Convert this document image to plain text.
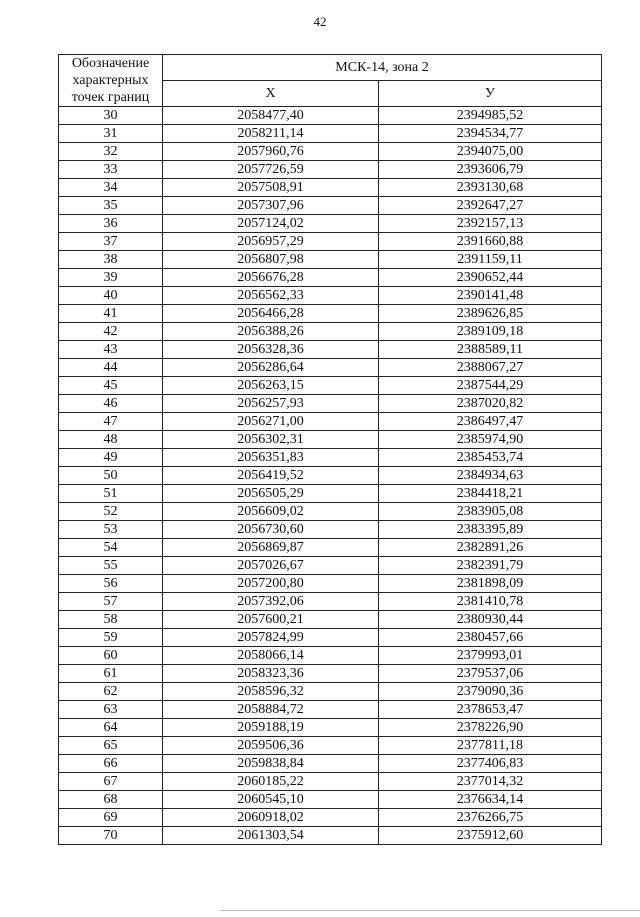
42
Обозначение характерных точек границ	МСК-14, зона 2	
	Х	У
30	2058477,40	2394985,52
31	2058211,14	2394534,77
32	2057960,76	2394075,00
33	2057726,59	2393606,79
34	2057508,91	2393130,68
35	2057307,96	2392647,27
36	2057124,02	2392157,13
37	2056957,29	2391660,88
38	2056807,98	2391159,11
39	2056676,28	2390652,44
40	2056562,33	2390141,48
41	2056466,28	2389626,85
42	2056388,26	2389109,18
43	2056328,36	2388589,11
44	2056286,64	2388067,27
45	2056263,15	2387544,29
46	2056257,93	2387020,82
47	2056271,00	2386497,47
48	2056302,31	2385974,90
49	2056351,83	2385453,74
50	2056419,52	2384934,63
51	2056505,29	2384418,21
52	2056609,02	2383905,08
53	2056730,60	2383395,89
54	2056869,87	2382891,26
55	2057026,67	2382391,79
56	2057200,80	2381898,09
57	2057392,06	2381410,78
58	2057600,21	2380930,44
59	2057824,99	2380457,66
60	2058066,14	2379993,01
61	2058323,36	2379537,06
62	2058596,32	2379090,36
63	2058884,72	2378653,47
64	2059188,19	2378226,90
65	2059506,36	2377811,18
66	2059838,84	2377406,83
67	2060185,22	2377014,32
68	2060545,10	2376634,14
69	2060918,02	2376266,75
70	2061303,54	2375912,60
